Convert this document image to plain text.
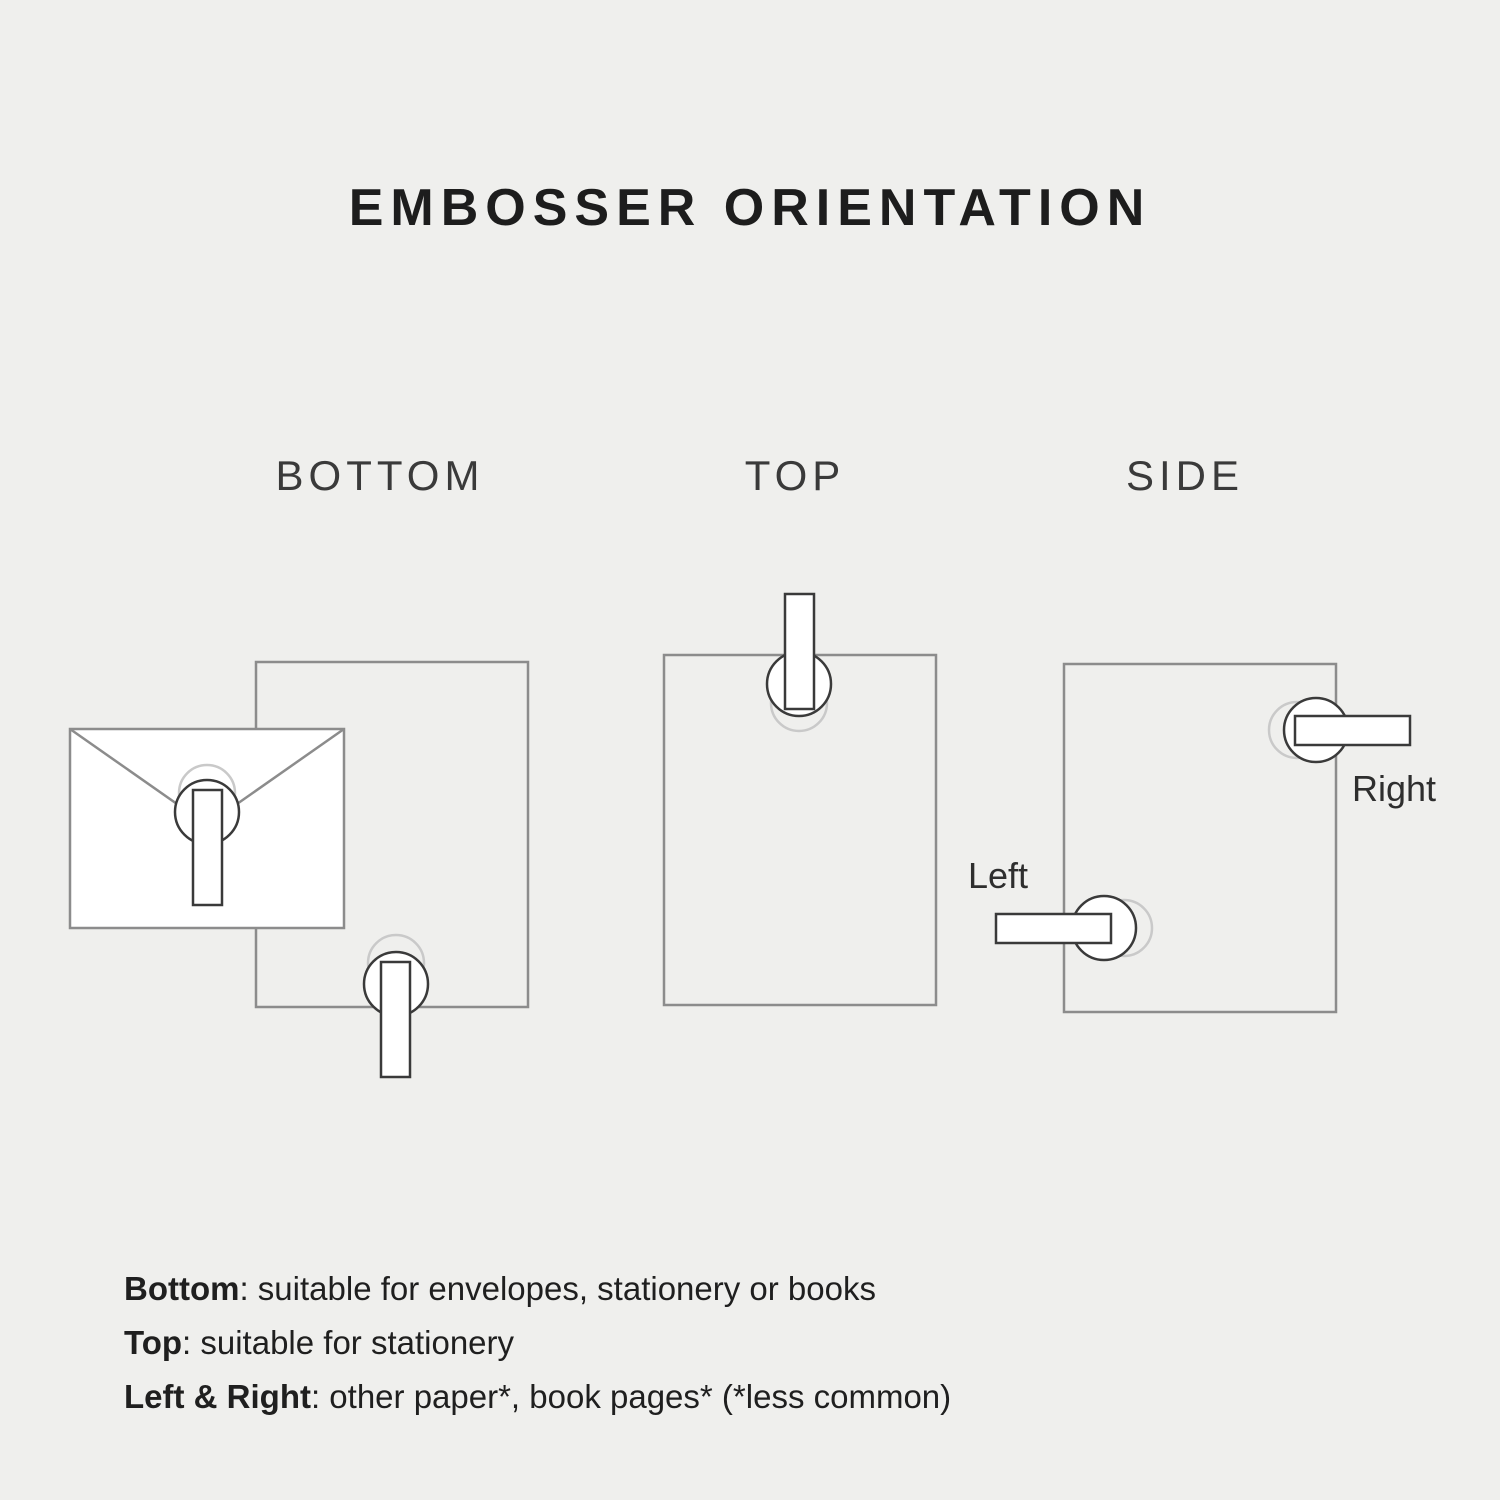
EMBOSSER ORIENTATION
BOTTOM	TOP	SIDE
Left
Right
Bottom: suitable for envelopes, stationery or books
Top: suitable for stationery
Left & Right: other paper*, book pages* (*less common)
